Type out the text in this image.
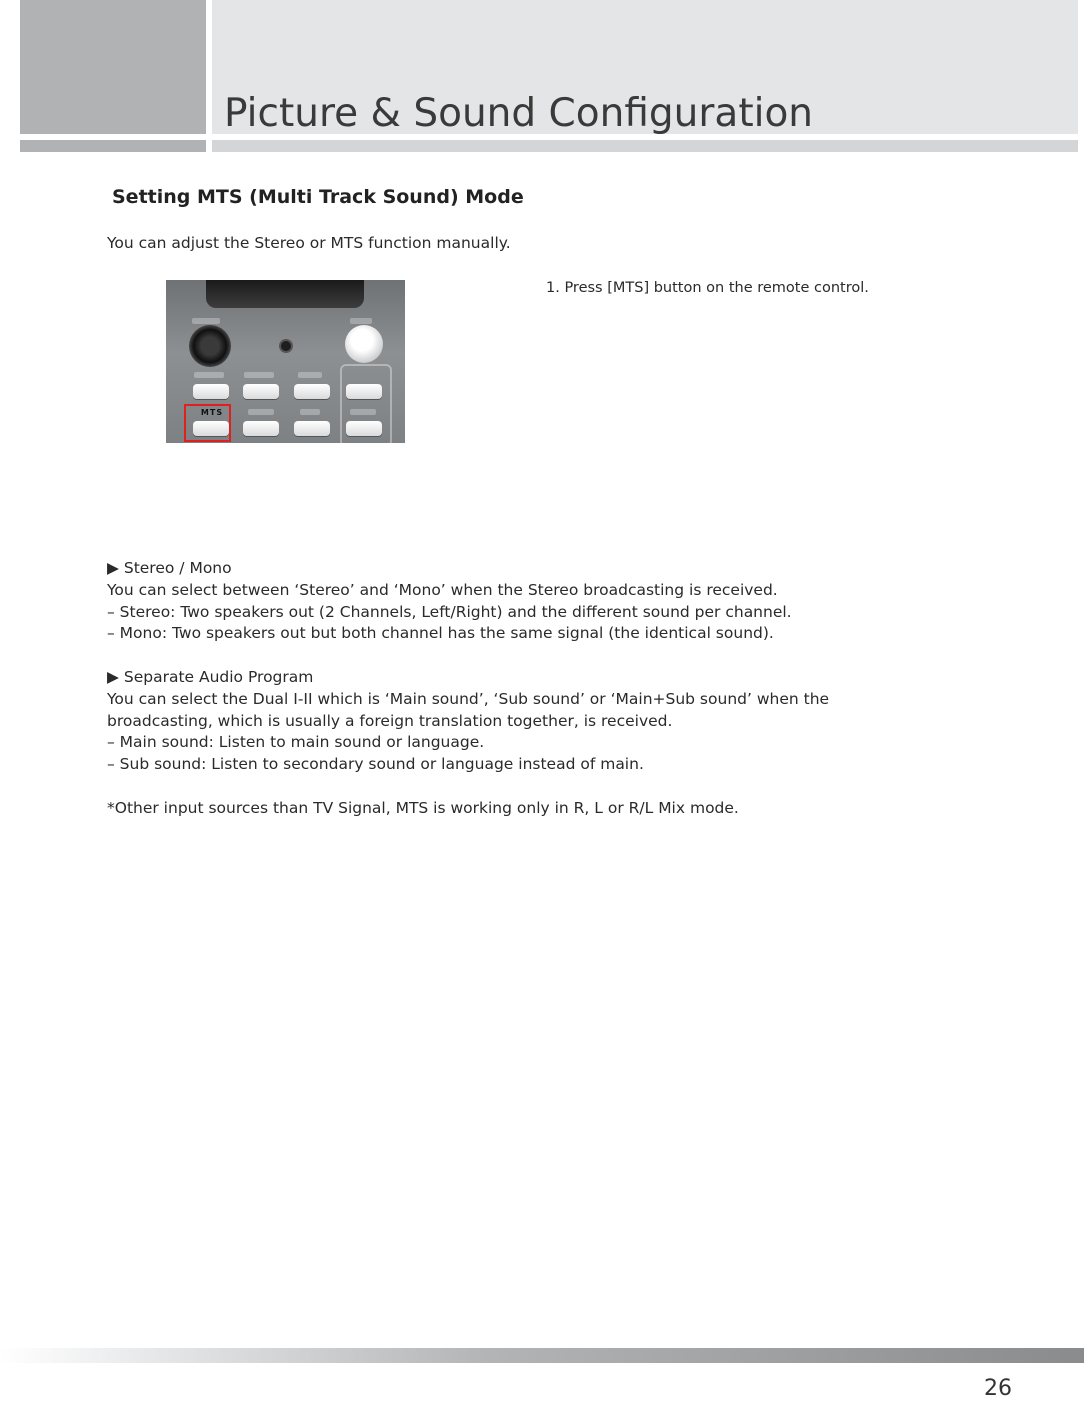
Picture & Sound Configuration
Setting MTS (Multi Track Sound) Mode

You can adjust the Stereo or MTS function manually.

MTS

1. Press [MTS] button on the remote control.

▶ Stereo / Mono

You can select between ‘Stereo’ and ‘Mono’ when the Stereo broadcasting is received.

– Stereo: Two speakers out (2 Channels, Left/Right) and the different sound per channel.

– Mono: Two speakers out but both channel has the same signal (the identical sound).

▶ Separate Audio Program

You can select the Dual I-II which is ‘Main sound’, ‘Sub sound’ or ‘Main+Sub sound’ when the

broadcasting, which is usually a foreign translation together, is received.

– Main sound: Listen to main sound or language.

– Sub sound: Listen to secondary sound or language instead of main.

*Other input sources than TV Signal, MTS is working only in R, L or R/L Mix mode.

26
